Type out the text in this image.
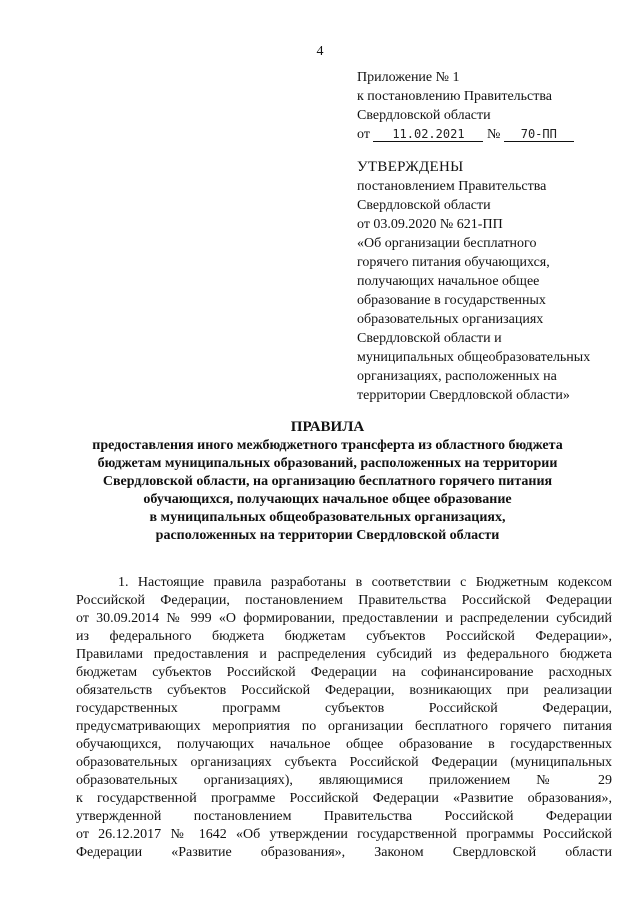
4
Приложение № 1
к постановлению Правительства
Свердловской области
от 11.02.2021 № 70-ПП
УТВЕРЖДЕНЫ
постановлением Правительства
Свердловской области
от 03.09.2020 № 621-ПП
«Об организации бесплатного
горячего питания обучающихся,
получающих начальное общее
образование в государственных
образовательных организациях
Свердловской области и
муниципальных общеобразовательных
организациях, расположенных на
территории Свердловской области»
ПРАВИЛА
предоставления иного межбюджетного трансферта из областного бюджета
бюджетам муниципальных образований, расположенных на территории
Свердловской области, на организацию бесплатного горячего питания
обучающихся, получающих начальное общее образование
в муниципальных общеобразовательных организациях,
расположенных на территории Свердловской области
1. Настоящие правила разработаны в соответствии с Бюджетным кодексом
Российской Федерации, постановлением Правительства Российской Федерации
от 30.09.2014 № 999 «О формировании, предоставлении и распределении субсидий
из федерального бюджета бюджетам субъектов Российской Федерации»,
Правилами предоставления и распределения субсидий из федерального бюджета
бюджетам субъектов Российской Федерации на софинансирование расходных
обязательств субъектов Российской Федерации, возникающих при реализации
государственных программ субъектов Российской Федерации,
предусматривающих мероприятия по организации бесплатного горячего питания
обучающихся, получающих начальное общее образование в государственных
образовательных организациях субъекта Российской Федерации (муниципальных
образовательных организациях), являющимися приложением № 29
к государственной программе Российской Федерации «Развитие образования»,
утвержденной постановлением Правительства Российской Федерации
от 26.12.2017 № 1642 «Об утверждении государственной программы Российской
Федерации «Развитие образования», Законом Свердловской области
